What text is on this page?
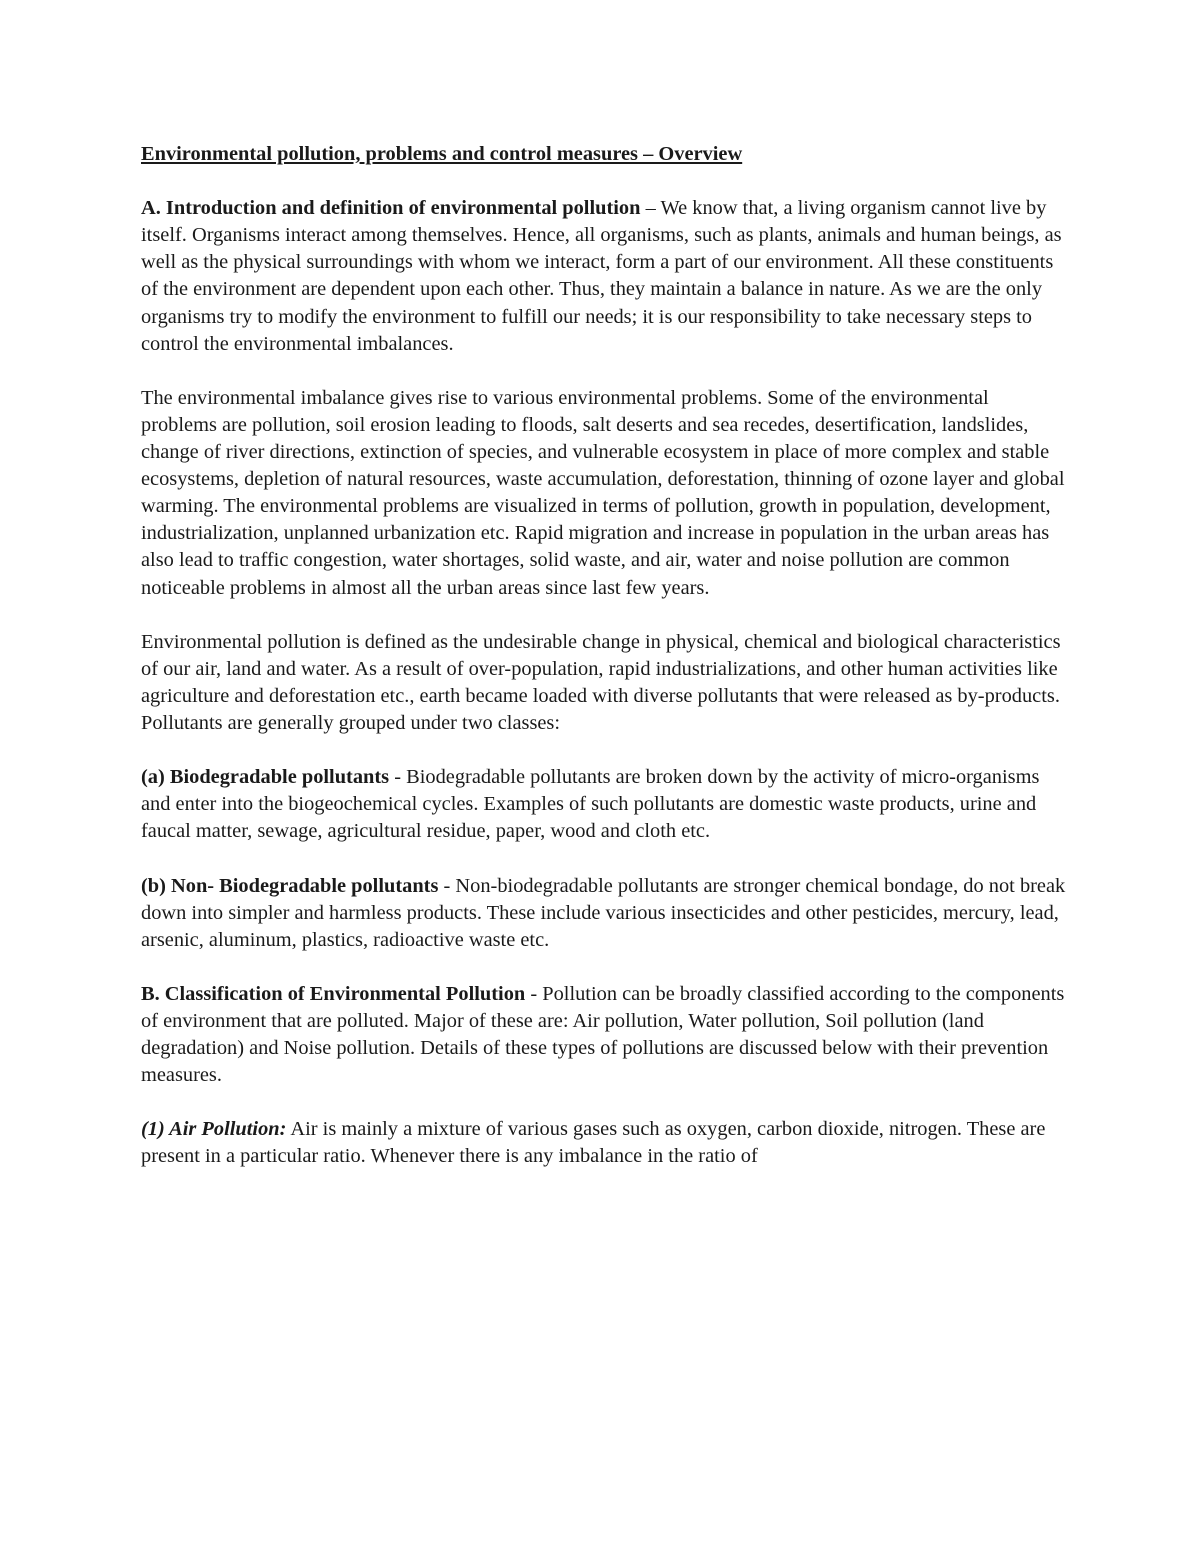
Environmental pollution, problems and control measures – Overview

A. Introduction and definition of environmental pollution – We know that, a living organism cannot live by itself. Organisms interact among themselves. Hence, all organisms, such as plants, animals and human beings, as well as the physical surroundings with whom we interact, form a part of our environment. All these constituents of the environment are dependent upon each other. Thus, they maintain a balance in nature. As we are the only organisms try to modify the environment to fulfill our needs; it is our responsibility to take necessary steps to control the environmental imbalances.

The environmental imbalance gives rise to various environmental problems. Some of the environmental problems are pollution, soil erosion leading to floods, salt deserts and sea recedes, desertification, landslides, change of river directions, extinction of species, and vulnerable ecosystem in place of more complex and stable ecosystems, depletion of natural resources, waste accumulation, deforestation, thinning of ozone layer and global warming. The environmental problems are visualized in terms of pollution, growth in population, development, industrialization, unplanned urbanization etc. Rapid migration and increase in population in the urban areas has also lead to traffic congestion, water shortages, solid waste, and air, water and noise pollution are common noticeable problems in almost all the urban areas since last few years.

Environmental pollution is defined as the undesirable change in physical, chemical and biological characteristics of our air, land and water. As a result of over-population, rapid industrializations, and other human activities like agriculture and deforestation etc., earth became loaded with diverse pollutants that were released as by-products. Pollutants are generally grouped under two classes:

(a) Biodegradable pollutants - Biodegradable pollutants are broken down by the activity of micro-organisms and enter into the biogeochemical cycles. Examples of such pollutants are domestic waste products, urine and faucal matter, sewage, agricultural residue, paper, wood and cloth etc.

(b) Non- Biodegradable pollutants - Non-biodegradable pollutants are stronger chemical bondage, do not break down into simpler and harmless products. These include various insecticides and other pesticides, mercury, lead, arsenic, aluminum, plastics, radioactive waste etc.

B. Classification of Environmental Pollution - Pollution can be broadly classified according to the components of environment that are polluted. Major of these are: Air pollution, Water pollution, Soil pollution (land degradation) and Noise pollution. Details of these types of pollutions are discussed below with their prevention measures.

(1) Air Pollution: Air is mainly a mixture of various gases such as oxygen, carbon dioxide, nitrogen. These are present in a particular ratio. Whenever there is any imbalance in the ratio of
